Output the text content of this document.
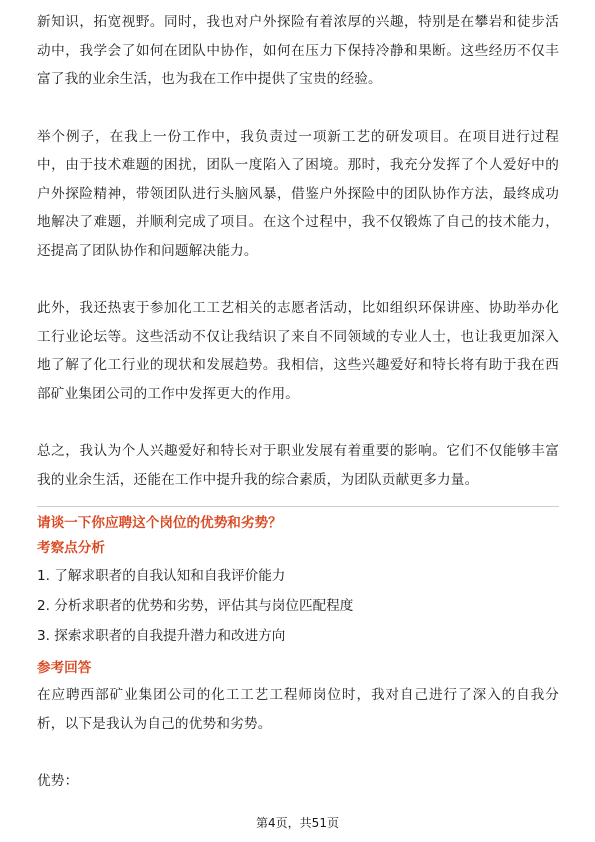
新知识，拓宽视野。同时，我也对户外探险有着浓厚的兴趣，特别是在攀岩和徒步活动中，我学会了如何在团队中协作，如何在压力下保持冷静和果断。这些经历不仅丰富了我的业余生活，也为我在工作中提供了宝贵的经验。

举个例子，在我上一份工作中，我负责过一项新工艺的研发项目。在项目进行过程中，由于技术难题的困扰，团队一度陷入了困境。那时，我充分发挥了个人爱好中的户外探险精神，带领团队进行头脑风暴，借鉴户外探险中的团队协作方法，最终成功地解决了难题，并顺利完成了项目。在这个过程中，我不仅锻炼了自己的技术能力，还提高了团队协作和问题解决能力。

此外，我还热衷于参加化工工艺相关的志愿者活动，比如组织环保讲座、协助举办化工行业论坛等。这些活动不仅让我结识了来自不同领域的专业人士，也让我更加深入地了解了化工行业的现状和发展趋势。我相信，这些兴趣爱好和特长将有助于我在西部矿业集团公司的工作中发挥更大的作用。

总之，我认为个人兴趣爱好和特长对于职业发展有着重要的影响。它们不仅能够丰富我的业余生活，还能在工作中提升我的综合素质，为团队贡献更多力量。

请谈一下你应聘这个岗位的优势和劣势？

考察点分析

1. 了解求职者的自我认知和自我评价能力

2. 分析求职者的优势和劣势，评估其与岗位匹配程度

3. 探索求职者的自我提升潜力和改进方向

参考回答

在应聘西部矿业集团公司的化工工艺工程师岗位时，我对自己进行了深入的自我分析，以下是我认为自己的优势和劣势。

优势：

第4页，共51页
